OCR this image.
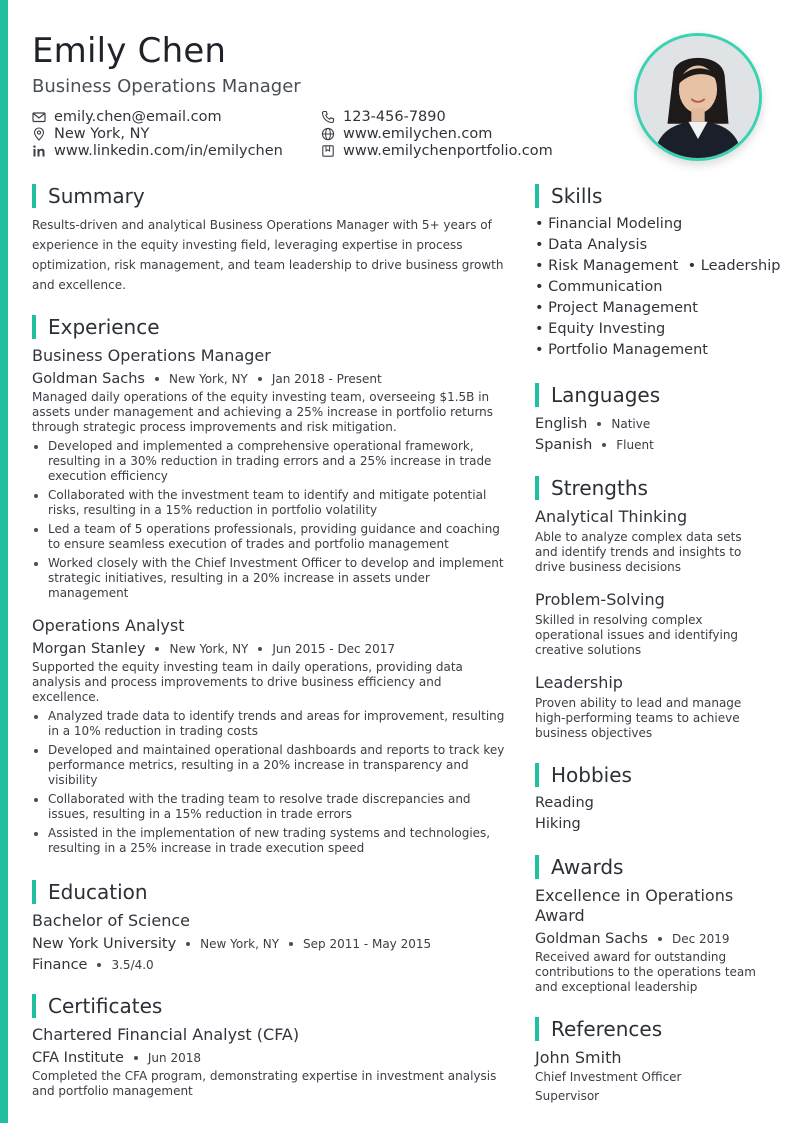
Emily Chen
Business Operations Manager
emily.chen@email.com	123-456-7890
New York, NY	www.emilychen.com
www.linkedin.com/in/emilychen	www.emilychenportfolio.com
Summary
Results-driven and analytical Business Operations Manager with 5+ years of experience in the equity investing field, leveraging expertise in process optimization, risk management, and team leadership to drive business growth and excellence.
Experience
Business Operations Manager
Goldman Sachs New York, NY Jan 2018 - Present
Managed daily operations of the equity investing team, overseeing $1.5B in assets under management and achieving a 25% increase in portfolio returns through strategic process improvements and risk mitigation.
Developed and implemented a comprehensive operational framework, resulting in a 30% reduction in trading errors and a 25% increase in trade execution efficiency
Collaborated with the investment team to identify and mitigate potential risks, resulting in a 15% reduction in portfolio volatility
Led a team of 5 operations professionals, providing guidance and coaching to ensure seamless execution of trades and portfolio management
Worked closely with the Chief Investment Officer to develop and implement strategic initiatives, resulting in a 20% increase in assets under management
Operations Analyst
Morgan Stanley New York, NY Jun 2015 - Dec 2017
Supported the equity investing team in daily operations, providing data analysis and process improvements to drive business efficiency and excellence.
Analyzed trade data to identify trends and areas for improvement, resulting in a 10% reduction in trading costs
Developed and maintained operational dashboards and reports to track key performance metrics, resulting in a 20% increase in transparency and visibility
Collaborated with the trading team to resolve trade discrepancies and issues, resulting in a 15% reduction in trade errors
Assisted in the implementation of new trading systems and technologies, resulting in a 25% increase in trade execution speed
Education
Bachelor of Science
New York University New York, NY Sep 2011 - May 2015
Finance 3.5/4.0
Certificates
Chartered Financial Analyst (CFA)
CFA Institute Jun 2018
Completed the CFA program, demonstrating expertise in investment analysis and portfolio management
Skills
• Financial Modeling
• Data Analysis
• Risk Management  • Leadership
• Communication
• Project Management
• Equity Investing
• Portfolio Management
Languages
English Native
Spanish Fluent
Strengths
Analytical Thinking
Able to analyze complex data sets and identify trends and insights to drive business decisions
Problem-Solving
Skilled in resolving complex operational issues and identifying creative solutions
Leadership
Proven ability to lead and manage high-performing teams to achieve business objectives
Hobbies
Reading
Hiking
Awards
Excellence in Operations Award
Goldman Sachs Dec 2019
Received award for outstanding contributions to the operations team and exceptional leadership
References
John Smith
Chief Investment Officer
Supervisor
